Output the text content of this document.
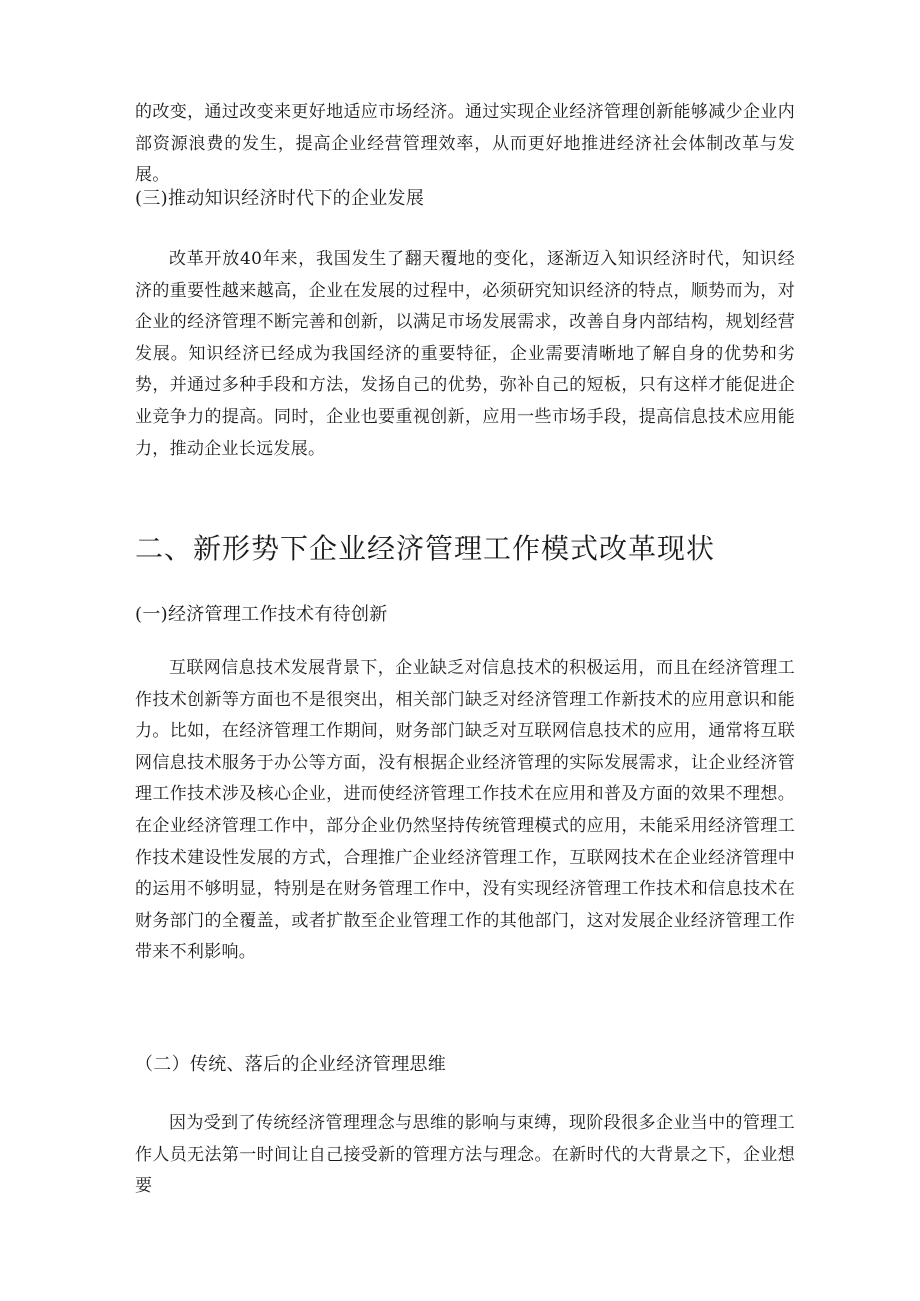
的改变，通过改变来更好地适应市场经济。通过实现企业经济管理创新能够减少企业内部资源浪费的发生，提高企业经营管理效率，从而更好地推进经济社会体制改革与发展。

(三)推动知识经济时代下的企业发展

改革开放40年来，我国发生了翻天覆地的变化，逐渐迈入知识经济时代，知识经济的重要性越来越高，企业在发展的过程中，必须研究知识经济的特点，顺势而为，对企业的经济管理不断完善和创新，以满足市场发展需求，改善自身内部结构，规划经营发展。知识经济已经成为我国经济的重要特征，企业需要清晰地了解自身的优势和劣势，并通过多种手段和方法，发扬自己的优势，弥补自己的短板，只有这样才能促进企业竞争力的提高。同时，企业也要重视创新，应用一些市场手段，提高信息技术应用能力，推动企业长远发展。

二、新形势下企业经济管理工作模式改革现状

(一)经济管理工作技术有待创新

互联网信息技术发展背景下，企业缺乏对信息技术的积极运用，而且在经济管理工作技术创新等方面也不是很突出，相关部门缺乏对经济管理工作新技术的应用意识和能力。比如，在经济管理工作期间，财务部门缺乏对互联网信息技术的应用，通常将互联网信息技术服务于办公等方面，没有根据企业经济管理的实际发展需求，让企业经济管理工作技术涉及核心企业，进而使经济管理工作技术在应用和普及方面的效果不理想。在企业经济管理工作中，部分企业仍然坚持传统管理模式的应用，未能采用经济管理工作技术建设性发展的方式，合理推广企业经济管理工作，互联网技术在企业经济管理中的运用不够明显，特别是在财务管理工作中，没有实现经济管理工作技术和信息技术在财务部门的全覆盖，或者扩散至企业管理工作的其他部门，这对发展企业经济管理工作带来不利影响。

（二）传统、落后的企业经济管理思维

因为受到了传统经济管理理念与思维的影响与束缚，现阶段很多企业当中的管理工作人员无法第一时间让自己接受新的管理方法与理念。在新时代的大背景之下，企业想要
